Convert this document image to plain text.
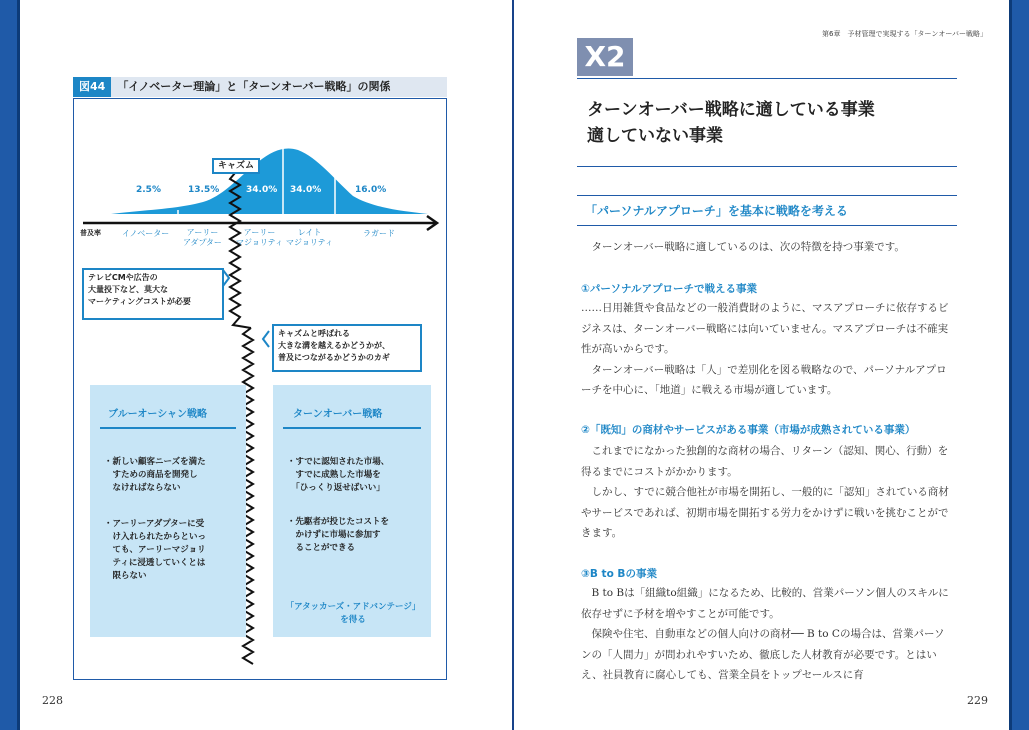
図44 「イノベーター理論」と「ターンオーバー戦略」の関係
キャズム
2.5%	13.5%	34.0% 34.0%	16.0%
普及率	イノベーター	アーリー
アダプター
アーリー
マジョリティ
レイト
マジョリティ
ラガード
テレビCMや広告の
大量投下など、莫大な
マーケティングコストが必要
キャズムと呼ばれる
大きな溝を越えるかどうかが、
普及につながるかどうかのカギ
ブルーオーシャン戦略
・新しい顧客ニーズを満た
　すための商品を開発し
　なければならない
・アーリーアダプターに受
　け入れられたからといっ
　ても、アーリーマジョリ
　ティに浸透していくとは
　限らない
ターンオーバー戦略
・すでに認知された市場、
　すでに成熟した市場を
　「ひっくり返せばいい」
・先駆者が投じたコストを
　かけずに市場に参加す
　ることができる
「アタッカーズ・アドバンテージ」
を得る
228
第6章　予材管理で実現する「ターンオーバー戦略」
X2
ターンオーバー戦略に適している事業
適していない事業
「パーソナルアプローチ」を基本に戦略を考える
　ターンオーバー戦略に適しているのは、次の特徴を持つ事業です。
①パーソナルアプローチで戦える事業
……日用雑貨や食品などの一般消費財のように、マスアプローチに依存するビジネスは、ターンオーバー戦略には向いていません。マスアプローチは不確実性が高いからです。
　ターンオーバー戦略は「人」で差別化を図る戦略なので、パーソナルアプローチを中心に、「地道」に戦える市場が適しています。
②「既知」の商材やサービスがある事業（市場が成熟されている事業）
　これまでになかった独創的な商材の場合、リターン（認知、関心、行動）を得るまでにコストがかかります。
　しかし、すでに競合他社が市場を開拓し、一般的に「認知」されている商材やサービスであれば、初期市場を開拓する労力をかけずに戦いを挑むことができます。
③B to Bの事業
　B to Bは「組織to組織」になるため、比較的、営業パーソン個人のスキルに依存せずに予材を増やすことが可能です。
　保険や住宅、自動車などの個人向けの商材── B to Cの場合は、営業パーソンの「人間力」が問われやすいため、徹底した人材教育が必要です。とはいえ、社員教育に腐心しても、営業全員をトップセールスに育
229
